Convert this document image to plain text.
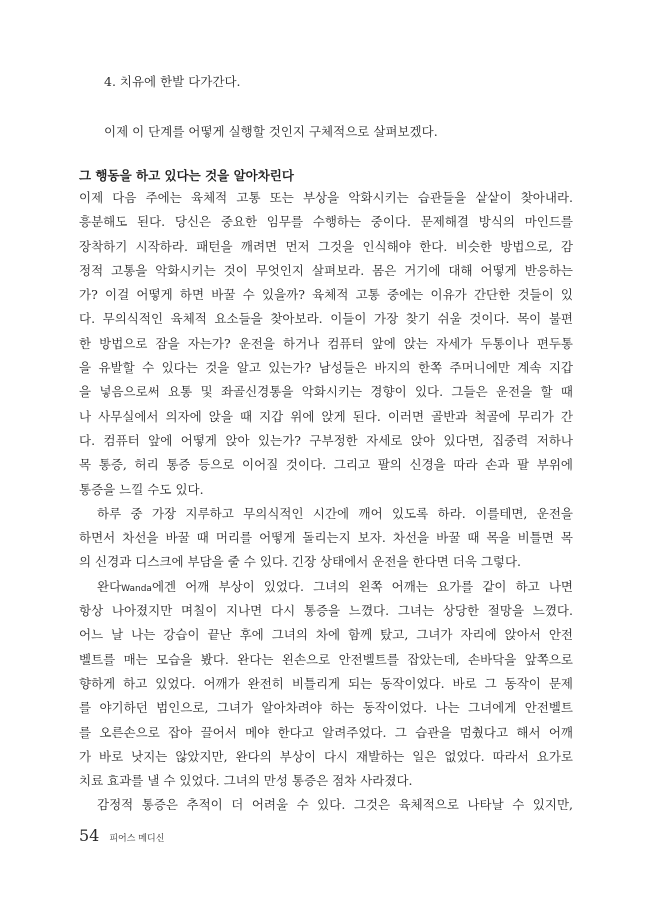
4. 치유에 한발 다가간다.
이제 이 단계를 어떻게 실행할 것인지 구체적으로 살펴보겠다.
그 행동을 하고 있다는 것을 알아차린다
이제 다음 주에는 육체적 고통 또는 부상을 악화시키는 습관들을 샅샅이 찾아내라.
흥분해도 된다. 당신은 중요한 임무를 수행하는 중이다. 문제해결 방식의 마인드를
장착하기 시작하라. 패턴을 깨려면 먼저 그것을 인식해야 한다. 비슷한 방법으로, 감
정적 고통을 악화시키는 것이 무엇인지 살펴보라. 몸은 거기에 대해 어떻게 반응하는
가? 이걸 어떻게 하면 바꿀 수 있을까? 육체적 고통 중에는 이유가 간단한 것들이 있
다. 무의식적인 육체적 요소들을 찾아보라. 이들이 가장 찾기 쉬울 것이다. 목이 불편
한 방법으로 잠을 자는가? 운전을 하거나 컴퓨터 앞에 앉는 자세가 두통이나 편두통
을 유발할 수 있다는 것을 알고 있는가? 남성들은 바지의 한쪽 주머니에만 계속 지갑
을 넣음으로써 요통 및 좌골신경통을 악화시키는 경향이 있다. 그들은 운전을 할 때
나 사무실에서 의자에 앉을 때 지갑 위에 앉게 된다. 이러면 골반과 척골에 무리가 간
다. 컴퓨터 앞에 어떻게 앉아 있는가? 구부정한 자세로 앉아 있다면, 집중력 저하나
목 통증, 허리 통증 등으로 이어질 것이다. 그리고 팔의 신경을 따라 손과 팔 부위에
통증을 느낄 수도 있다.
하루 중 가장 지루하고 무의식적인 시간에 깨어 있도록 하라. 이를테면, 운전을
하면서 차선을 바꿀 때 머리를 어떻게 돌리는지 보자. 차선을 바꿀 때 목을 비틀면 목
의 신경과 디스크에 부담을 줄 수 있다. 긴장 상태에서 운전을 한다면 더욱 그렇다.
완다Wanda에겐 어깨 부상이 있었다. 그녀의 왼쪽 어깨는 요가를 같이 하고 나면
항상 나아졌지만 며칠이 지나면 다시 통증을 느꼈다. 그녀는 상당한 절망을 느꼈다.
어느 날 나는 강습이 끝난 후에 그녀의 차에 함께 탔고, 그녀가 자리에 앉아서 안전
벨트를 매는 모습을 봤다. 완다는 왼손으로 안전벨트를 잡았는데, 손바닥을 앞쪽으로
향하게 하고 있었다. 어깨가 완전히 비틀리게 되는 동작이었다. 바로 그 동작이 문제
를 야기하던 범인으로, 그녀가 알아차려야 하는 동작이었다. 나는 그녀에게 안전벨트
를 오른손으로 잡아 끌어서 메야 한다고 알려주었다. 그 습관을 멈췄다고 해서 어깨
가 바로 낫지는 않았지만, 완다의 부상이 다시 재발하는 일은 없었다. 따라서 요가로
치료 효과를 낼 수 있었다. 그녀의 만성 통증은 점차 사라졌다.
감정적 통증은 추적이 더 어려울 수 있다. 그것은 육체적으로 나타날 수 있지만,
54 피어스 메디신
